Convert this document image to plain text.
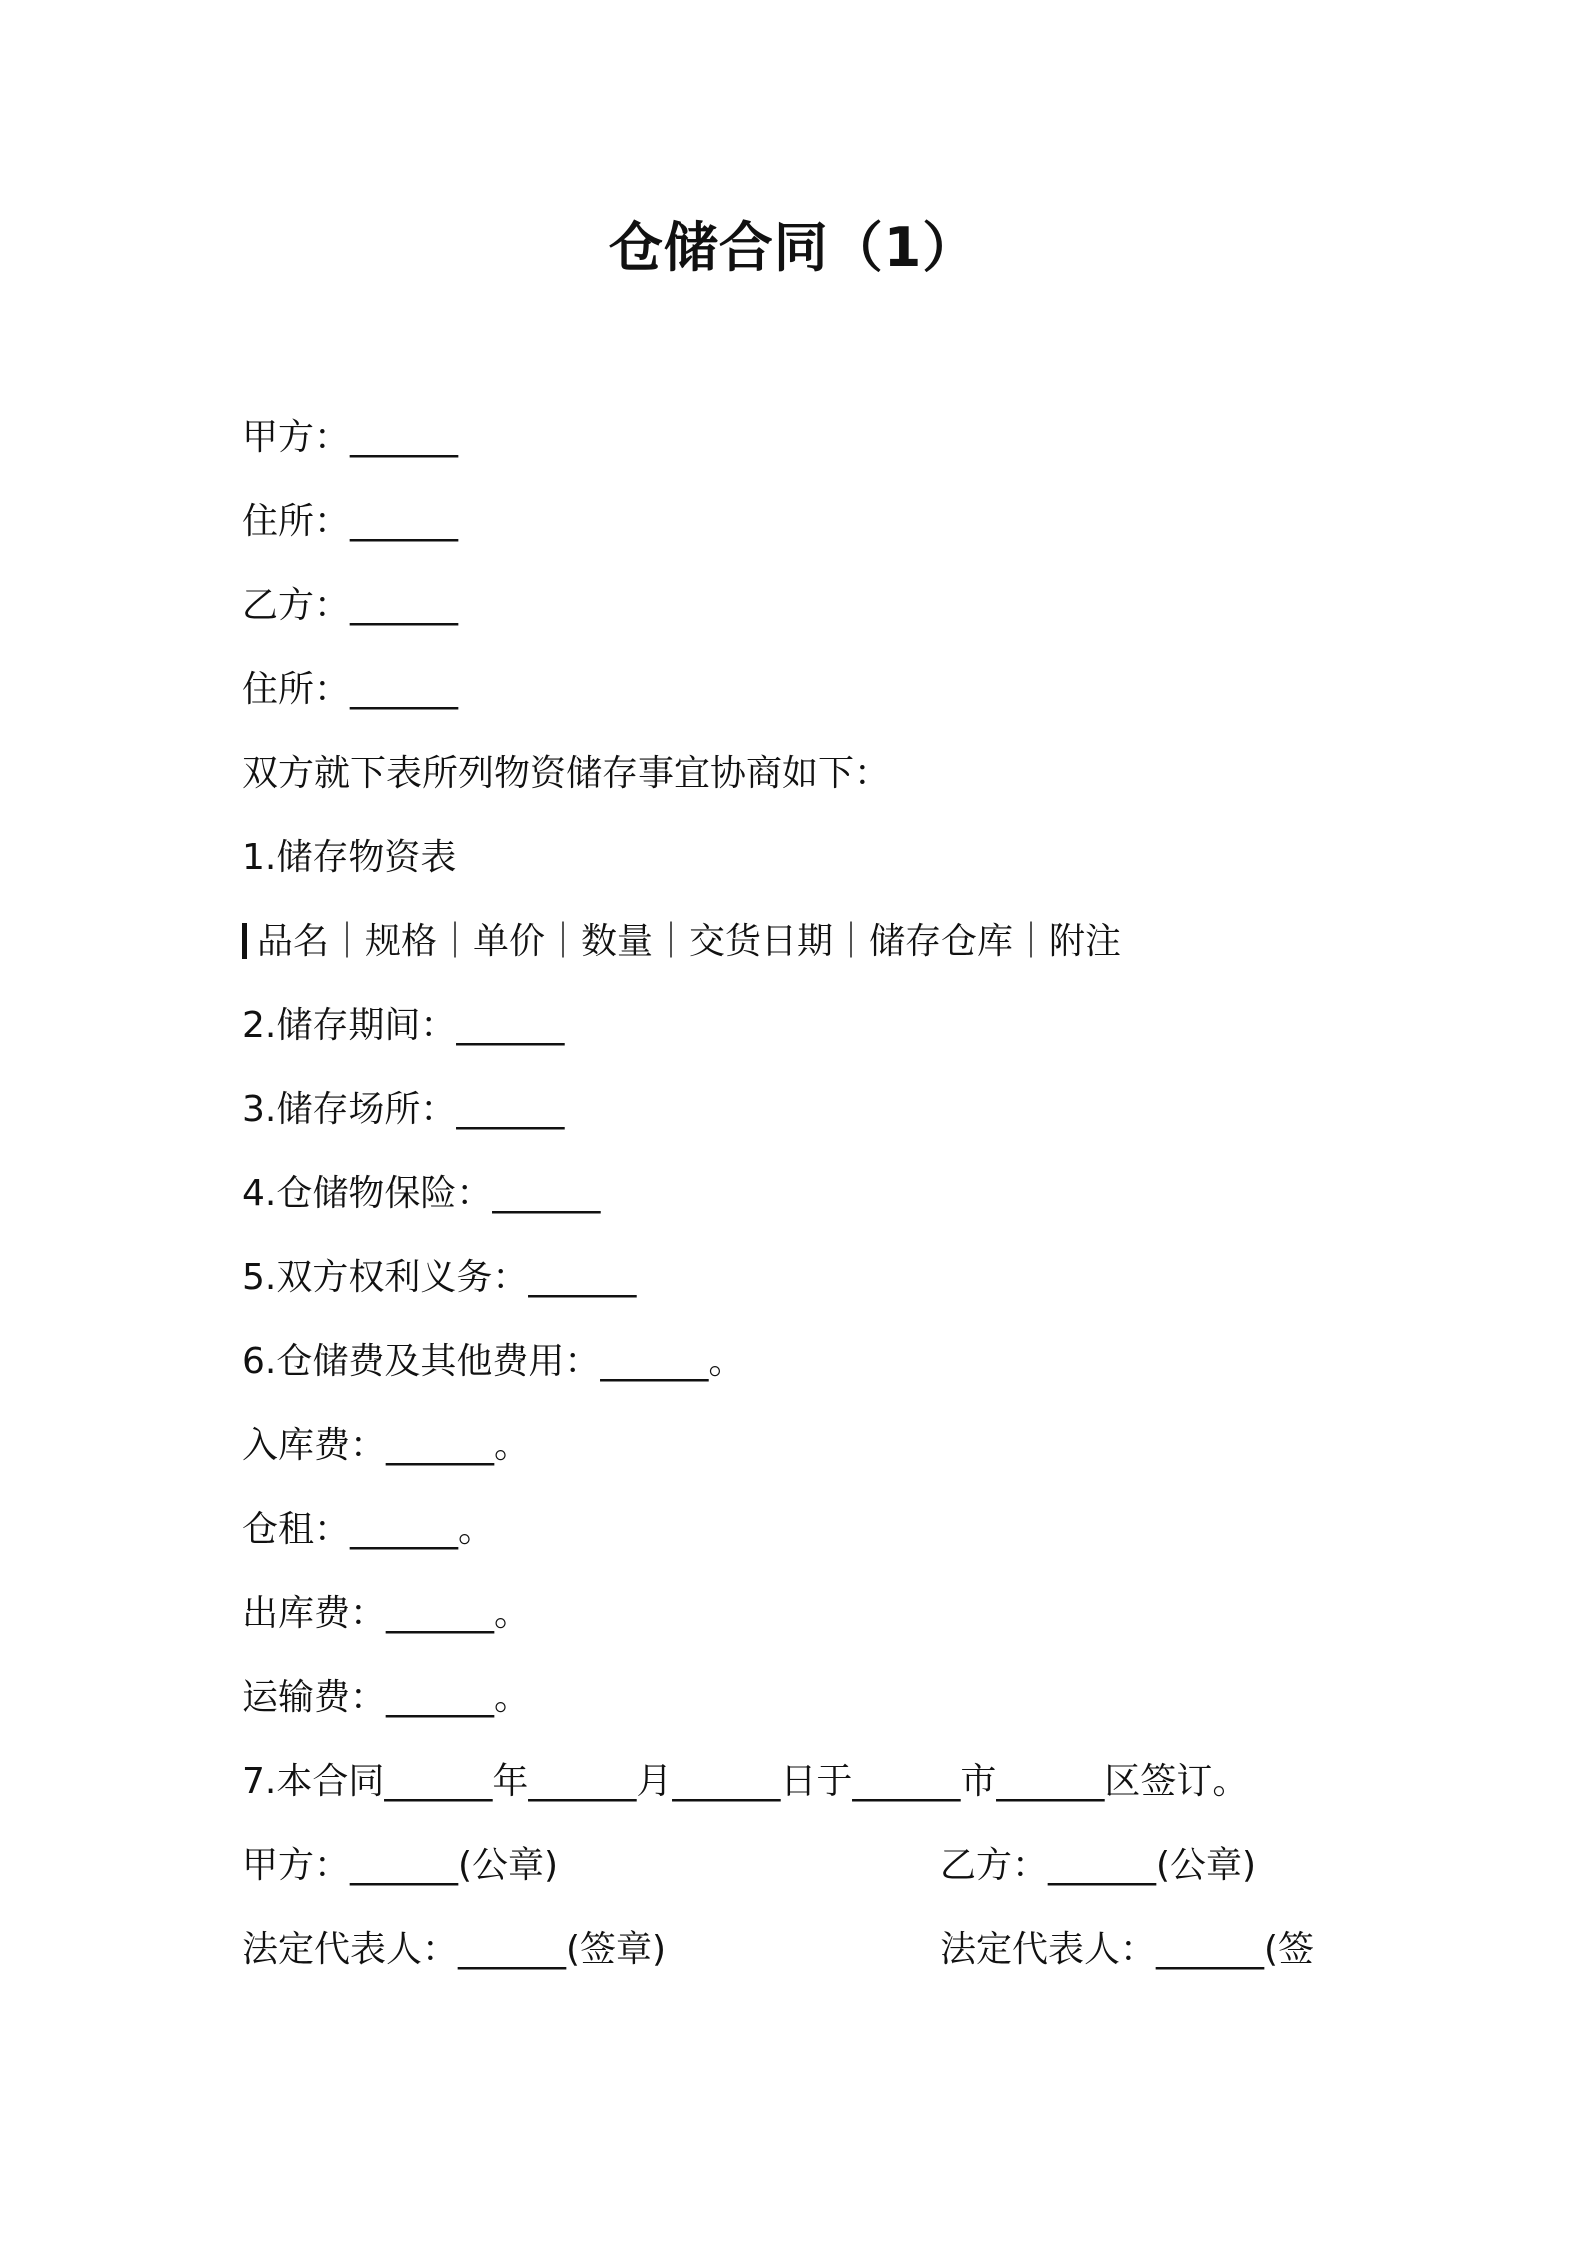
仓储合同（1）
甲方：______
住所：______
乙方：______
住所：______
双方就下表所列物资储存事宜协商如下：
1.储存物资表
品名｜规格｜单价｜数量｜交货日期｜储存仓库｜附注
2.储存期间：______
3.储存场所：______
4.仓储物保险：______
5.双方权利义务：______
6.仓储费及其他费用：______。
入库费：______。
仓租：______。
出库费：______。
运输费：______。
7.本合同______年______月______日于______市______区签订。
甲方：______(公章)	乙方：______(公章)
法定代表人：______(签章)	法定代表人：______(签
